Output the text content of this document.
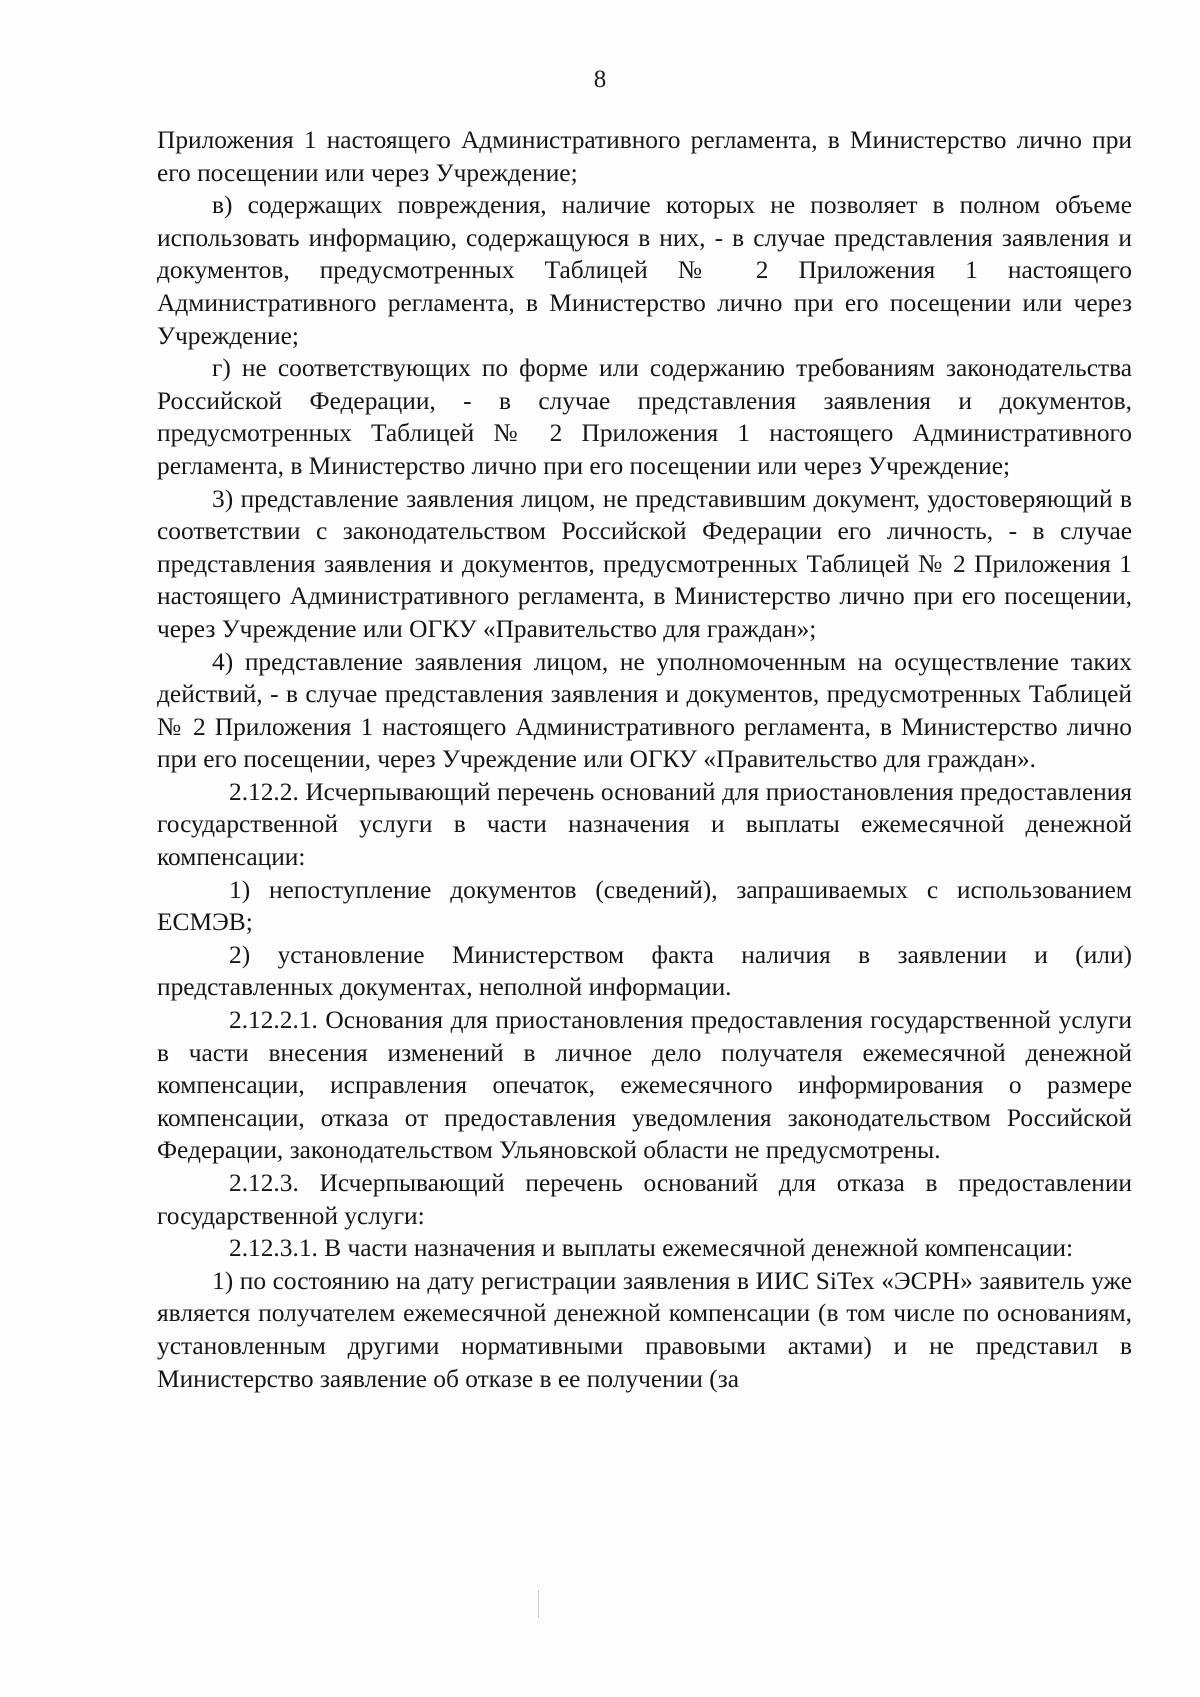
8

Приложения 1 настоящего Административного регламента, в Министерство лично при его посещении или через Учреждение;

в) содержащих повреждения, наличие которых не позволяет в полном объеме использовать информацию, содержащуюся в них, - в случае представления заявления и документов, предусмотренных Таблицей № 2 Приложения 1 настоящего Административного регламента, в Министерство лично при его посещении или через Учреждение;

г) не соответствующих по форме или содержанию требованиям законодательства Российской Федерации, - в случае представления заявления и документов, предусмотренных Таблицей № 2 Приложения 1 настоящего Административного регламента, в Министерство лично при его посещении или через Учреждение;

3) представление заявления лицом, не представившим документ, удостоверяющий в соответствии с законодательством Российской Федерации его личность, - в случае представления заявления и документов, предусмотренных Таблицей № 2 Приложения 1 настоящего Административного регламента, в Министерство лично при его посещении, через Учреждение или ОГКУ «Правительство для граждан»;

4) представление заявления лицом, не уполномоченным на осуществление таких действий, - в случае представления заявления и документов, предусмотренных Таблицей № 2 Приложения 1 настоящего Административного регламента, в Министерство лично при его посещении, через Учреждение или ОГКУ «Правительство для граждан».

2.12.2. Исчерпывающий перечень оснований для приостановления предоставления государственной услуги в части назначения и выплаты ежемесячной денежной компенсации:

1) непоступление документов (сведений), запрашиваемых с использованием ЕСМЭВ;

2) установление Министерством факта наличия в заявлении и (или) представленных документах, неполной информации.

2.12.2.1. Основания для приостановления предоставления государственной услуги в части внесения изменений в личное дело получателя ежемесячной денежной компенсации, исправления опечаток, ежемесячного информирования о размере компенсации, отказа от предоставления уведомления законодательством Российской Федерации, законодательством Ульяновской области не предусмотрены.

2.12.3. Исчерпывающий перечень оснований для отказа в предоставлении государственной услуги:

2.12.3.1. В части назначения и выплаты ежемесячной денежной компенсации:

1) по состоянию на дату регистрации заявления в ИИС SiTex «ЭСРН» заявитель уже является получателем ежемесячной денежной компенсации (в том числе по основаниям, установленным другими нормативными правовыми актами) и не представил в Министерство заявление об отказе в ее получении (за
